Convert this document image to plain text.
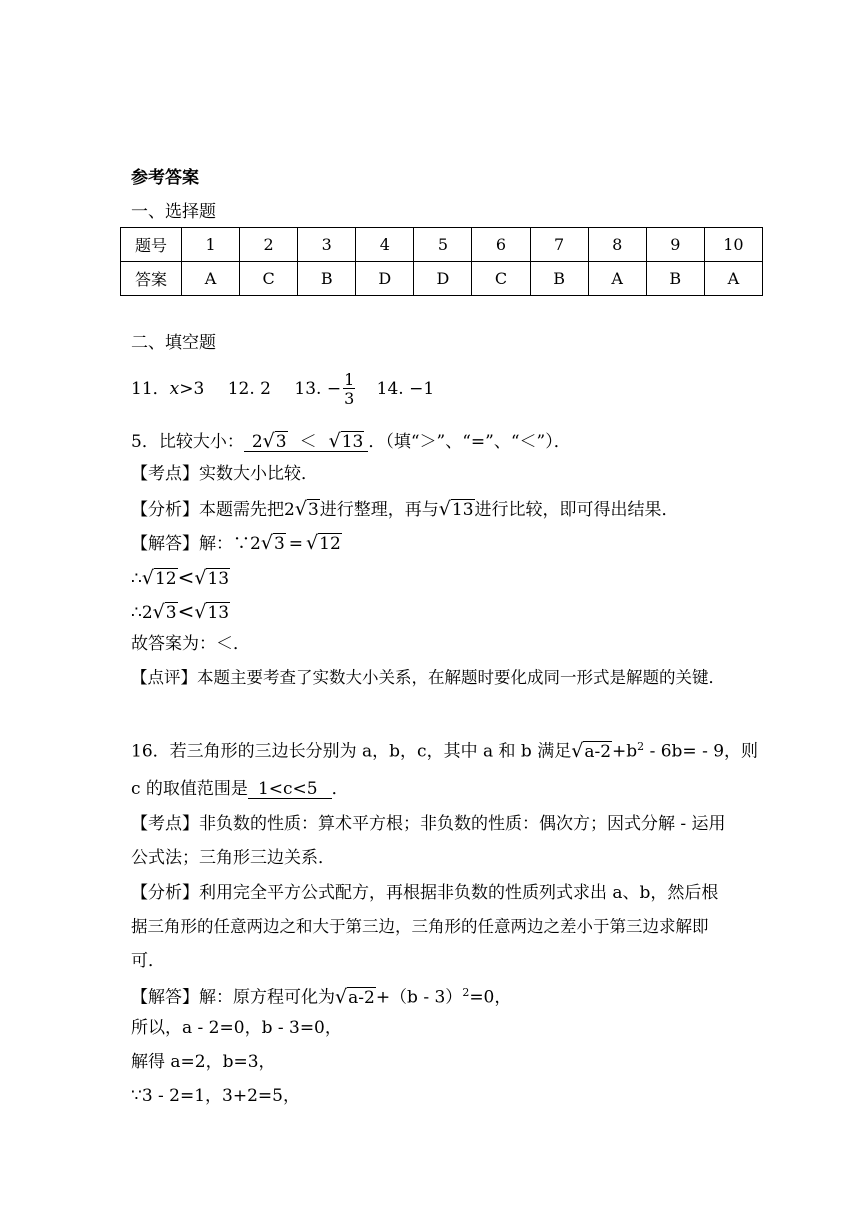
参考答案
一、选择题
题号	1	2	3	4	5	6	7	8	9	10
答案	A	C	B	D	D	C	B	A	B	A
二、填空题
11．x>3 12. 2 13. − $\frac{1}{3} 14$. −1
5．比较大小： 2√3 ＜ √13 ．（填“＞”、“=”、“＜”）．
【考点】实数大小比较．
【分析】本题需先把2√3进行整理，再与√13进行比较，即可得出结果．
【解答】解：∵2√3 = √12
∴√12<√13
∴2√3<√13
故答案为：＜．
【点评】本题主要考查了实数大小关系，在解题时要化成同一形式是解题的关键．
16．若三角形的三边长分别为 a，b，c，其中 a 和 b 满足$√a-2+b^2 - 6b= - 9$，则
c 的取值范围是 1<c<5 ．
【考点】非负数的性质：算术平方根；非负数的性质：偶次方；因式分解 - 运用
公式法；三角形三边关系．
【分析】利用完全平方公式配方，再根据非负数的性质列式求出 a、b，然后根
据三角形的任意两边之和大于第三边，三角形的任意两边之差小于第三边求解即
可．
【解答】解：原方程可化为√a-2+（b - 3）$^2$=0，
所以，a - 2=0，b - 3=0，
解得 a=2，b=3，
∵3 - 2=1，3+2=5，
